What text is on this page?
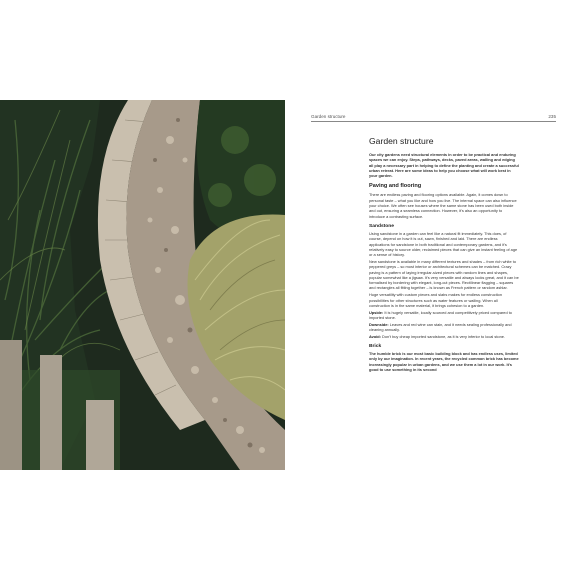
Garden structure	235
Garden structure

Our city gardens need structural elements in order to be practical and enduring spaces we can enjoy. Steps, pathways, decks, paved areas, walling and edging all play a necessary part in helping to define the planting and create a successful urban retreat. Here are some ideas to help you choose what will work best in your garden.

Paving and flooring

There are endless paving and flooring options available. Again, it comes down to personal taste – what you like and how you live. The internal space can also influence your choice. We often see houses where the same stone has been used both inside and out, ensuring a seamless connection. However, it's also an opportunity to introduce a contrasting surface.

Sandstone

Using sandstone in a garden can feel like a natural fit immediately. This does, of course, depend on how it is cut, sawn, finished and laid. There are endless applications for sandstone in both traditional and contemporary gardens, and it's relatively easy to source older, reclaimed pieces that can give an instant feeling of age or a sense of history.

New sandstone is available in many different textures and shades – from rich white to peppered greys – so most interior or architectural schemes can be matched. Crazy paving is a pattern of laying irregular-sized pieces with random lines and shapes, popular somewhat like a jigsaw. It's very versatile and always looks great, and it can be formalised by bordering with elegant, long-cut pieces. Rectilinear flagging – squares and rectangles all fitting together – is known as French pattern or random ashlar.

Huge versatility with custom pieces and slabs makes for endless construction possibilities for other structures such as water features or walling. When all construction is in the same material, it brings cohesion to a garden.

Upside: It is hugely versatile, locally sourced and competitively priced compared to imported stone.

Downside: Leaves and red wine can stain, and it needs sealing professionally and cleaning annually.

Avoid: Don't buy cheap imported sandstone, as it is very inferior to local stone.

Brick

The humble brick is our most basic building block and has endless uses, limited only by our imagination. In recent years, the recycled common brick has become increasingly popular in urban gardens, and we use them a lot in our work. It's good to use something in its second
